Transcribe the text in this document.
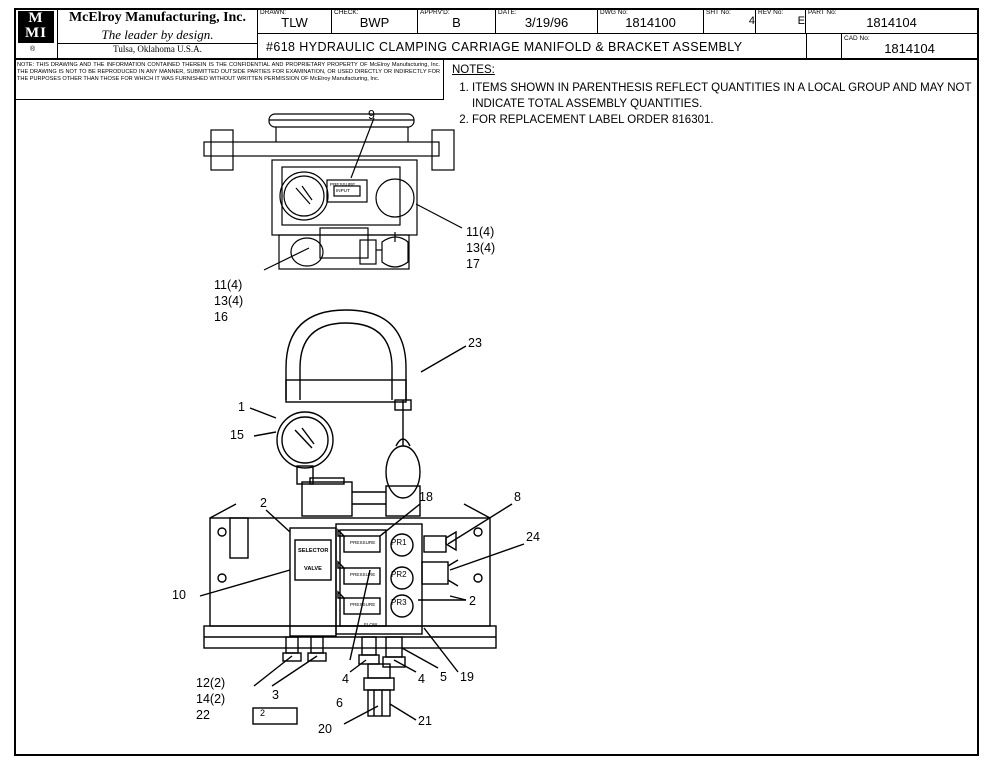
M
MI
®
McElroy Manufacturing, Inc.
The leader by design.
Tulsa, Oklahoma U.S.A.
DRAWN:
TLW
CHECK:
BWP
APPRV'D:
B
DATE:
3/19/96
DWG No:
1814100
SHT No:
4
REV No:
E
PART No:
1814104
#618 HYDRAULIC CLAMPING CARRIAGE MANIFOLD & BRACKET ASSEMBLY
CAD No:
1814104
NOTE: THIS DRAWING AND THE INFORMATION CONTAINED THEREIN IS THE CONFIDENTIAL AND PROPRIETARY PROPERTY OF McElroy Manufacturing, Inc. THE DRAWING IS NOT TO BE REPRODUCED IN ANY MANNER, SUBMITTED OUTSIDE PARTIES FOR EXAMINATION, OR USED DIRECTLY OR INDIRECTLY FOR THE PURPOSES OTHER THAN THOSE FOR WHICH IT WAS FURNISHED WITHOUT WRITTEN PERMISSION OF McElroy Manufacturing, Inc.
NOTES:
1. ITEMS SHOWN IN PARENTHESIS REFLECT QUANTITIES IN A LOCAL GROUP AND MAY NOT INDICATE TOTAL ASSEMBLY QUANTITIES.
2. FOR REPLACEMENT LABEL ORDER 816301.
PRESSURE
INPUT
SELECTOR
VALVE
PRESSURE
PRESSURE
PRESSURE
FLOW
PR1
PR2
PR3
9
11(4)
13(4)
17
11(4)
13(4)
16
23
1
15
2	18	8
24
10	2
12(2)
14(2)
22
3
4
6
4 5 19
20
21
2
